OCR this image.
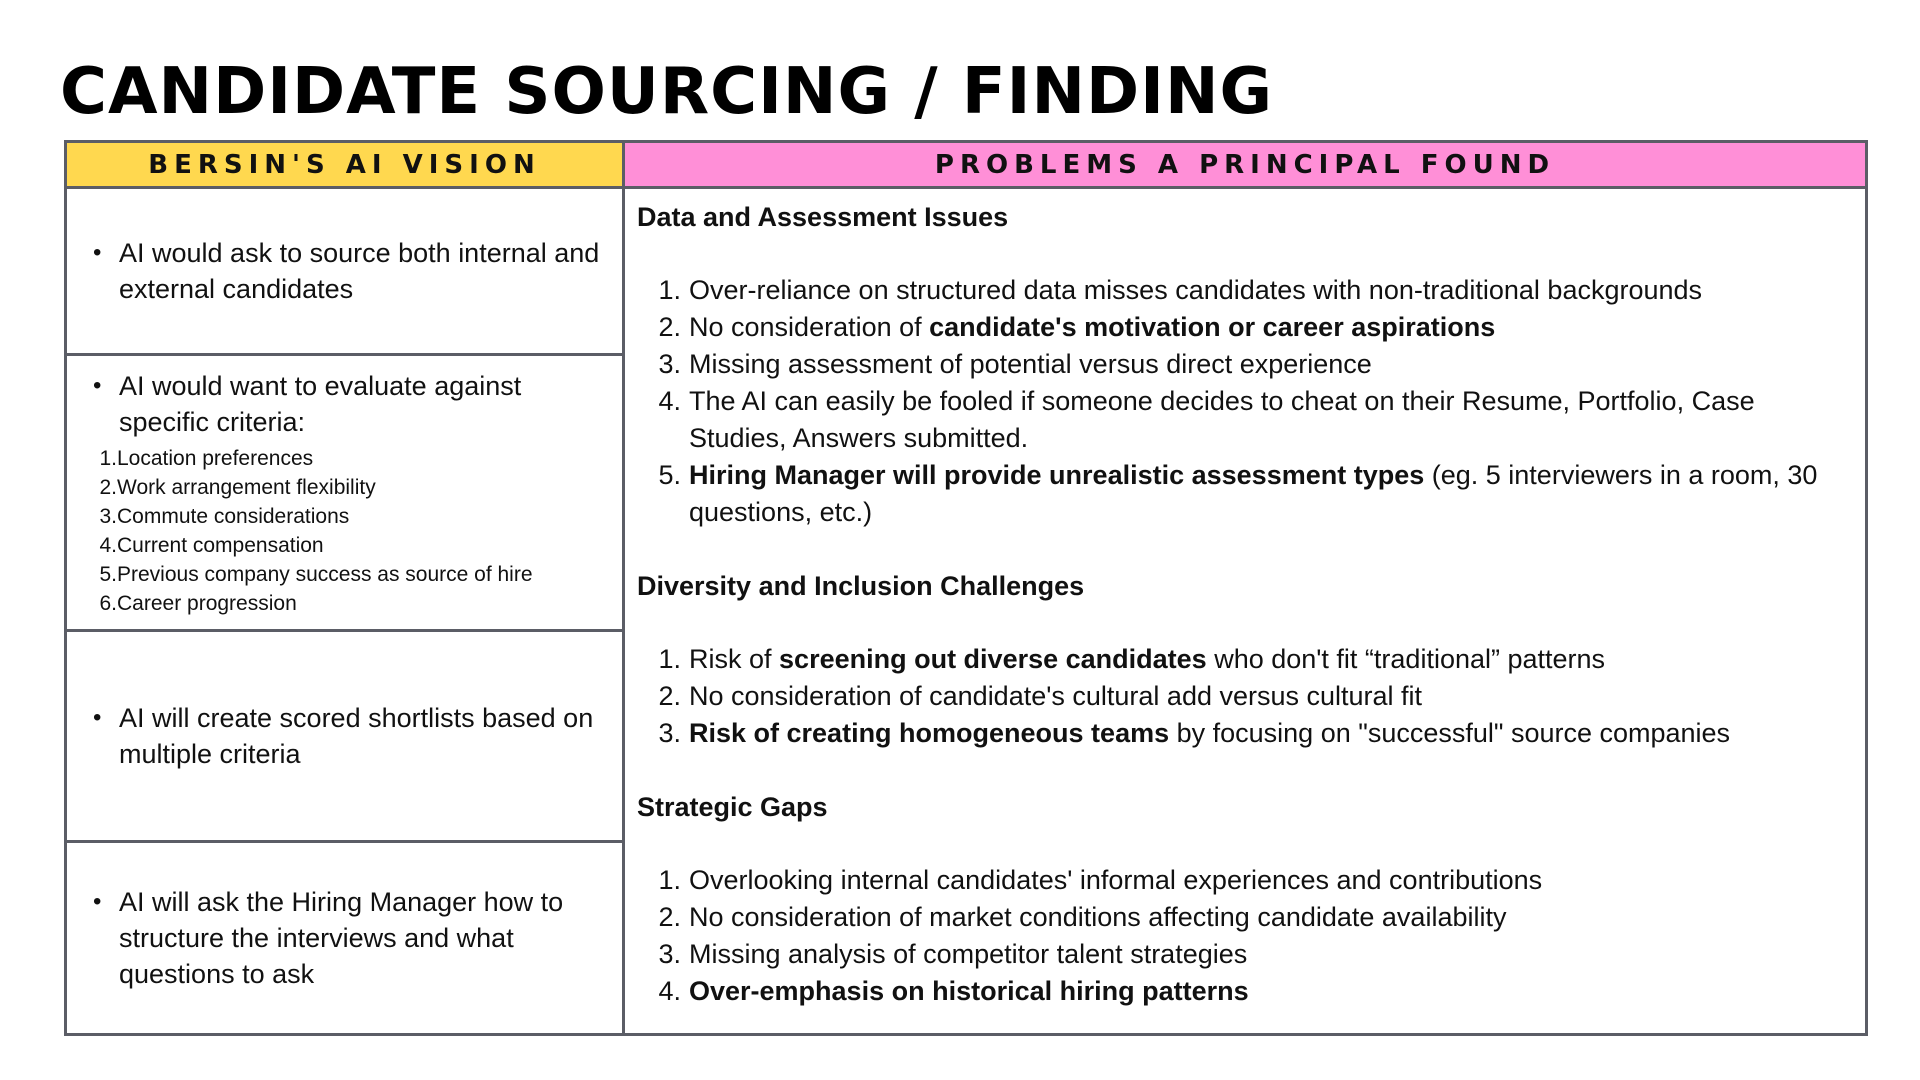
CANDIDATE SOURCING / FINDING
BERSIN'S AI VISION
• AI would ask to source both internal and external candidates
• AI would want to evaluate against specific criteria:
1. Location preferences
2. Work arrangement flexibility
3. Commute considerations
4. Current compensation
5. Previous company success as source of hire
6. Career progression
• AI will create scored shortlists based on multiple criteria
• AI will ask the Hiring Manager how to structure the interviews and what questions to ask
PROBLEMS A PRINCIPAL FOUND
Data and Assessment Issues
1. Over-reliance on structured data misses candidates with non-traditional backgrounds
2. No consideration of candidate's motivation or career aspirations
3. Missing assessment of potential versus direct experience
4. The AI can easily be fooled if someone decides to cheat on their Resume, Portfolio, Case Studies, Answers submitted.
5. Hiring Manager will provide unrealistic assessment types (eg. 5 interviewers in a room, 30 questions, etc.)
Diversity and Inclusion Challenges
1. Risk of screening out diverse candidates who don't fit “traditional” patterns
2. No consideration of candidate's cultural add versus cultural fit
3. Risk of creating homogeneous teams by focusing on "successful" source companies
Strategic Gaps
1. Overlooking internal candidates' informal experiences and contributions
2. No consideration of market conditions affecting candidate availability
3. Missing analysis of competitor talent strategies
4. Over-emphasis on historical hiring patterns
